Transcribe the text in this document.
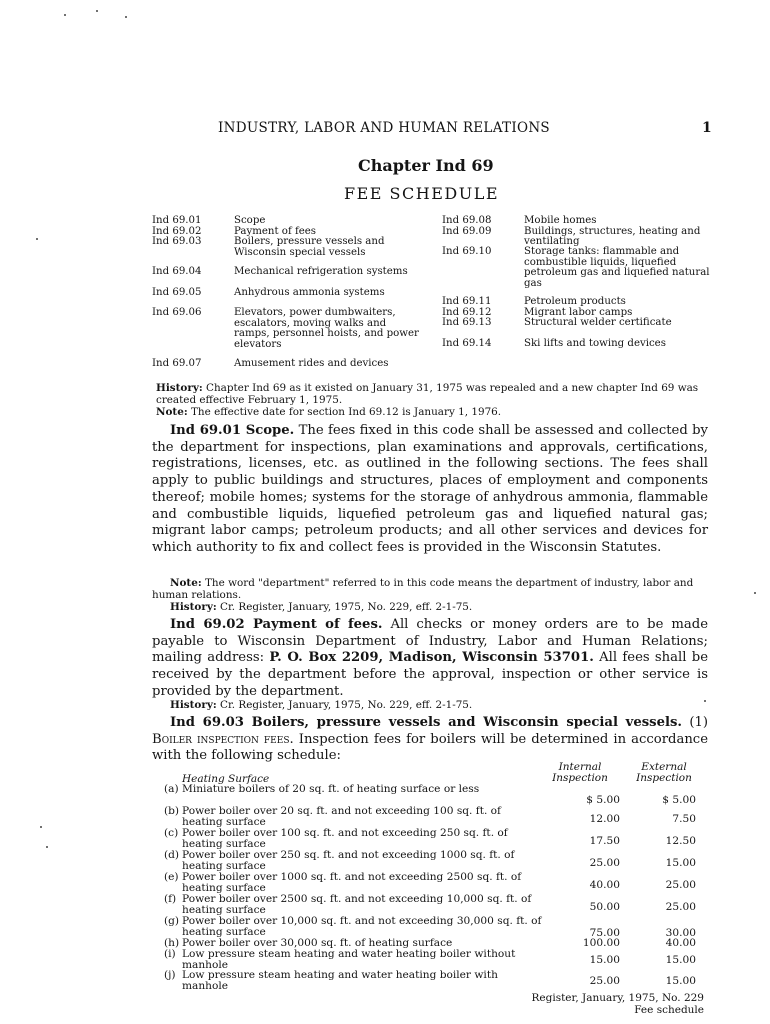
INDUSTRY, LABOR AND HUMAN RELATIONS	1
Chapter Ind 69
FEE SCHEDULE
Ind 69.01	Scope
Ind 69.02	Payment of fees
Ind 69.03	Boilers, pressure vessels and Wisconsin special vessels
Ind 69.04	Mechanical refrigeration systems
Ind 69.05	Anhydrous ammonia systems
Ind 69.06	Elevators, power dumbwaiters, escalators, moving walks and ramps, personnel hoists, and power elevators
Ind 69.07	Amusement rides and devices
Ind 69.08	Mobile homes
Ind 69.09	Buildings, structures, heating and ventilating
Ind 69.10	Storage tanks: flammable and combustible liquids, liquefied petroleum gas and liquefied natural gas
Ind 69.11	Petroleum products
Ind 69.12	Migrant labor camps
Ind 69.13	Structural welder certificate
Ind 69.14	Ski lifts and towing devices
History: Chapter Ind 69 as it existed on January 31, 1975 was repealed and a new chapter Ind 69 was created effective February 1, 1975.
Note: The effective date for section Ind 69.12 is January 1, 1976.
Ind 69.01 Scope. The fees fixed in this code shall be assessed and collected by the department for inspections, plan examinations and approvals, certifications, registrations, licenses, etc. as outlined in the following sections. The fees shall apply to public buildings and structures, places of employment and components thereof; mobile homes; systems for the storage of anhydrous ammonia, flammable and combustible liquids, liquefied petroleum gas and liquefied natural gas; migrant labor camps; petroleum products; and all other services and devices for which authority to fix and collect fees is provided in the Wisconsin Statutes.
Note: The word "department" referred to in this code means the department of industry, labor and human relations.
History: Cr. Register, January, 1975, No. 229, eff. 2-1-75.
Ind 69.02 Payment of fees. All checks or money orders are to be made payable to Wisconsin Department of Industry, Labor and Human Relations; mailing address: P. O. Box 2209, Madison, Wisconsin 53701. All fees shall be received by the department before the approval, inspection or other service is provided by the department.
History: Cr. Register, January, 1975, No. 229, eff. 2-1-75.
Ind 69.03 Boilers, pressure vessels and Wisconsin special vessels. (1) Boiler inspection fees. Inspection fees for boilers will be determined in accordance with the following schedule:
Heating Surface
Internal Inspection
External Inspection
(a) Miniature boilers of 20 sq. ft. of heating surface or less
$ 5.00	$ 5.00
(b) Power boiler over 20 sq. ft. and not exceeding 100 sq. ft. of heating surface	12.00	7.50
(c) Power boiler over 100 sq. ft. and not exceeding 250 sq. ft. of heating surface	17.50	12.50
(d) Power boiler over 250 sq. ft. and not exceeding 1000 sq. ft. of heating surface	25.00	15.00
(e) Power boiler over 1000 sq. ft. and not exceeding 2500 sq. ft. of heating surface	40.00	25.00
(f) Power boiler over 2500 sq. ft. and not exceeding 10,000 sq. ft. of heating surface	50.00	25.00
(g) Power boiler over 10,000 sq. ft. and not exceeding 30,000 sq. ft. of heating surface	75.00	30.00
(h) Power boiler over 30,000 sq. ft. of heating surface	100.00	40.00
(i) Low pressure steam heating and water heating boiler without manhole	15.00	15.00
(j) Low pressure steam heating and water heating boiler with manhole	25.00	15.00
Register, January, 1975, No. 229
Fee schedule
